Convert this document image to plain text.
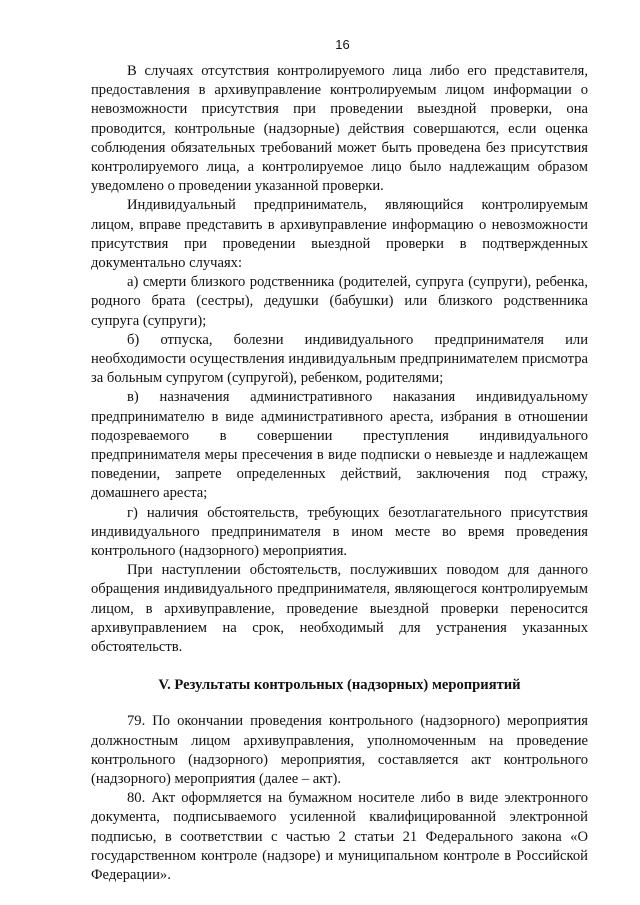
16

В случаях отсутствия контролируемого лица либо его представителя, предоставления в архивуправление контролируемым лицом информации о невозможности присутствия при проведении выездной проверки, она проводится, контрольные (надзорные) действия совершаются, если оценка соблюдения обязательных требований может быть проведена без присутствия контролируемого лица, а контролируемое лицо было надлежащим образом уведомлено о проведении указанной проверки.

Индивидуальный предприниматель, являющийся контролируемым лицом, вправе представить в архивуправление информацию о невозможности присутствия при проведении выездной проверки в подтвержденных документально случаях:

а) смерти близкого родственника (родителей, супруга (супруги), ребенка, родного брата (сестры), дедушки (бабушки) или близкого родственника супруга (супруги);

б) отпуска, болезни индивидуального предпринимателя или необходимости осуществления индивидуальным предпринимателем присмотра за больным супругом (супругой), ребенком, родителями;

в) назначения административного наказания индивидуальному предпринимателю в виде административного ареста, избрания в отношении подозреваемого в совершении преступления индивидуального предпринимателя меры пресечения в виде подписки о невыезде и надлежащем поведении, запрете определенных действий, заключения под стражу, домашнего ареста;

г) наличия обстоятельств, требующих безотлагательного присутствия индивидуального предпринимателя в ином месте во время проведения контрольного (надзорного) мероприятия.

При наступлении обстоятельств, послуживших поводом для данного обращения индивидуального предпринимателя, являющегося контролируемым лицом, в архивуправление, проведение выездной проверки переносится архивуправлением на срок, необходимый для устранения указанных обстоятельств.

V. Результаты контрольных (надзорных) мероприятий

79. По окончании проведения контрольного (надзорного) мероприятия должностным лицом архивуправления, уполномоченным на проведение контрольного (надзорного) мероприятия, составляется акт контрольного (надзорного) мероприятия (далее – акт).

80. Акт оформляется на бумажном носителе либо в виде электронного документа, подписываемого усиленной квалифицированной электронной подписью, в соответствии с частью 2 статьи 21 Федерального закона «О государственном контроле (надзоре) и муниципальном контроле в Российской Федерации».
